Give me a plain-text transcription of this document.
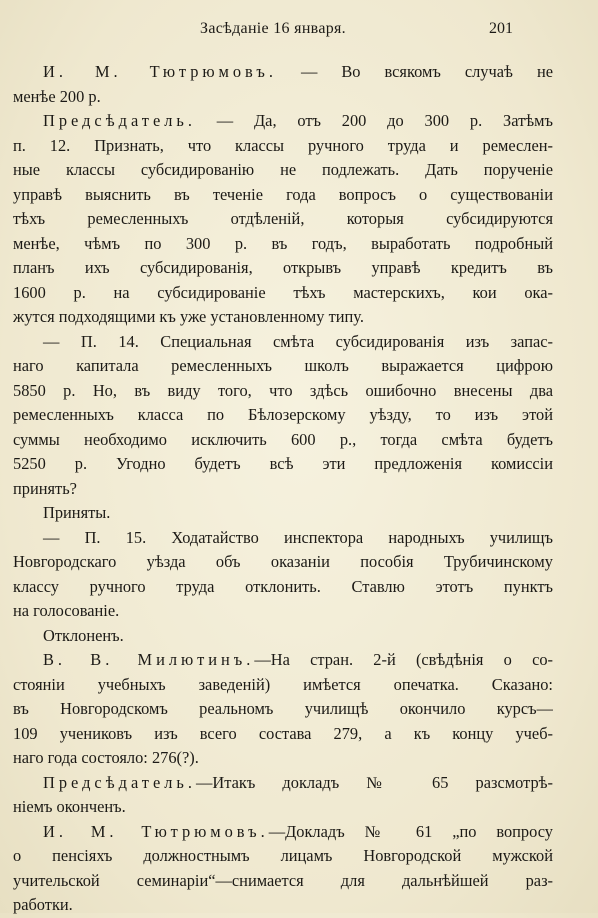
Засѣданіе 16 января.	201
И. М. Тютрюмовъ. — Во всякомъ случаѣ не
менѣе 200 р.
Предсѣдатель. — Да, отъ 200 до 300 р. Затѣмъ
п. 12. Признать, что классы ручного труда и ремеслен-
ные классы субсидированію не подлежать. Дать порученіе
управѣ выяснить въ теченіе года вопросъ о существованіи
тѣхъ ремесленныхъ отдѣленій, которыя субсидируются
менѣе, чѣмъ по 300 р. въ годъ, выработать подробный
планъ ихъ субсидированія, открывъ управѣ кредитъ въ
1600 р. на субсидированіе тѣхъ мастерскихъ, кои ока-
жутся подходящими къ уже установленному типу.
— П. 14. Специальная смѣта субсидированія изъ запас-
наго капитала ремесленныхъ школъ выражается цифрою
5850 р. Но, въ виду того, что здѣсь ошибочно внесены два
ремесленныхъ класса по Бѣлозерскому уѣзду, то изъ этой
суммы необходимо исключить 600 р., тогда смѣта будетъ
5250 р. Угодно будетъ всѣ эти предложенія комиссіи
принять?
Приняты.
— П. 15. Ходатайство инспектора народныхъ училищъ
Новгородскаго уѣзда объ оказаніи пособія Трубичинскому
классу ручного труда отклонить. Ставлю этотъ пунктъ
на голосованіе.
Отклоненъ.
В. В. Милютинъ.—На стран. 2-й (свѣдѣнія о со-
стояніи учебныхъ заведеній) имѣется опечатка. Сказано:
въ Новгородскомъ реальномъ училищѣ окончило курсъ—
109 учениковъ изъ всего состава 279, а къ концу учеб-
наго года состояло: 276(?).
Предсѣдатель.—Итакъ докладъ № 65 разсмотрѣ-
ніемъ оконченъ.
И. М. Тютрюмовъ.—Докладъ № 61 „по вопросу
о пенсіяхъ должностнымъ лицамъ Новгородской мужской
учительской семинаріи“—снимается для дальнѣйшей раз-
работки.
